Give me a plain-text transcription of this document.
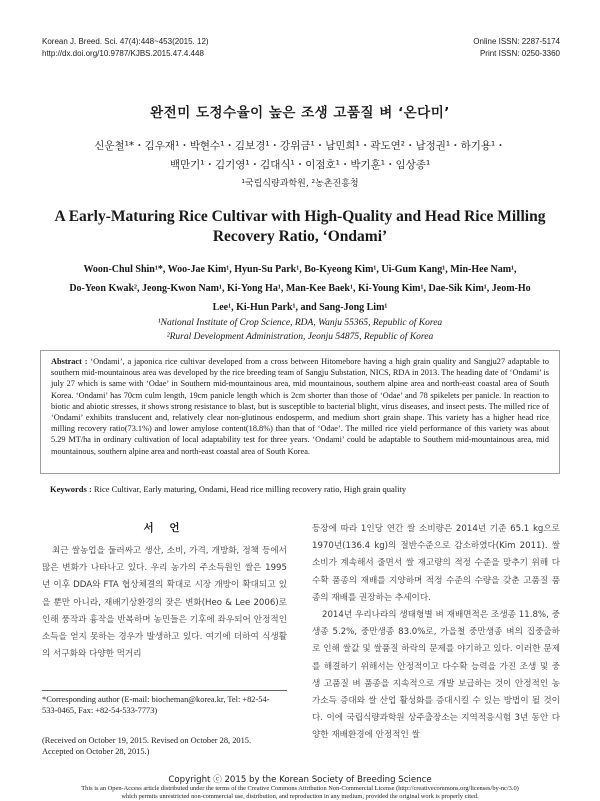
Korean J. Breed. Sci. 47(4):448~453(2015. 12)
http://dx.doi.org/10.9787/KJBS.2015.47.4.448
Online ISSN: 2287-5174
Print ISSN: 0250-3360
완전미 도정수율이 높은 조생 고품질 벼 ‘온다미’
신운철¹*・김우재¹・박현수¹・김보경¹・강위금¹・남민희¹・곽도연²・남정권¹・하기용¹・
백만기¹・김기영¹・김대식¹・이점호¹・박기훈¹・임상종¹
¹국립식량과학원, ²농촌진흥청
A Early-Maturing Rice Cultivar with High-Quality and Head Rice Milling
Recovery Ratio, ‘Ondami’
Woon-Chul Shin¹*, Woo-Jae Kim¹, Hyun-Su Park¹, Bo-Kyeong Kim¹, Ui-Gum Kang¹, Min-Hee Nam¹,
Do-Yeon Kwak², Jeong-Kwon Nam¹, Ki-Yong Ha¹, Man-Kee Baek¹, Ki-Young Kim¹, Dae-Sik Kim¹, Jeom-Ho
Lee¹, Ki-Hun Park¹, and Sang-Jong Lim¹
¹National Institute of Crop Science, RDA, Wanju 55365, Republic of Korea
²Rural Development Administration, Jeonju 54875, Republic of Korea
Abstract : ‘Ondami’, a japonica rice cultivar developed from a cross between Hitomebore having a high grain quality and Sangju27 adaptable to southern mid-mountainous area was developed by the rice breeding team of Sangju Substation, NICS, RDA in 2013. The heading date of ‘Ondami’ is july 27 which is same with ‘Odae’ in Southern mid-mountainous area, mid mountainous, southern alpine area and north-east coastal area of South Korea. ‘Ondami’ has 70cm culm length, 19cm panicle length which is 2cm shorter than those of ‘Odae’ and 78 spikelets per panicle. In reaction to biotic and abiotic stresses, it shows strong resistance to blast, but is susceptible to bacterial blight, virus diseases, and insect pests. The milled rice of ‘Ondami’ exhibits translucent and, relatively clear non-glutinous endosperm, and medium short grain shape. This variety has a higher head rice milling recovery ratio(73.1%) and lower amylose content(18.8%) than that of ‘Odae’. The milled rice yield performance of this variety was about 5.29 MT/ha in ordinary cultivation of local adaptability test for three years. ‘Ondami’ could be adaptable to Southern mid-mountainous area, mid mountainous, southern alpine area and north-east coastal area of South Korea.
Keywords : Rice Cultivar, Early maturing, Ondami, Head rice milling recovery ratio, High grain quality
서 언

최근 쌀농업을 둘러싸고 생산, 소비, 가격, 개방화, 정책 등에서 많은 변화가 나타나고 있다. 우리 농가의 주소득원인 쌀은 1995년 이후 DDA와 FTA 협상체결의 확대로 시장 개방이 확대되고 있을 뿐만 아니라, 재배기상환경의 잦은 변화(Heo & Lee 2006)로 인해 풍작과 흉작을 반복하며 농민들은 기후에 좌우되어 안정적인 소득을 얻지 못하는 경우가 발생하고 있다. 여기에 더하여 식생활의 서구화와 다양한 먹거리

등장에 따라 1인당 연간 쌀 소비량은 2014년 기준 65.1 kg으로 1970년(136.4 kg)의 절반수준으로 감소하였다(Kim 2011). 쌀소비가 계속해서 줄면서 쌀 재고량의 적정 수준을 맞추기 위해 다수확 품종의 재배를 지양하며 적정 수준의 수량을 갖춘 고품질 품종의 재배를 권장하는 추세이다.

2014년 우리나라의 생태형별 벼 재배면적은 조생종 11.8%, 중생종 5.2%, 중만생종 83.0%로, 가을철 중만생종 벼의 집중출하로 인해 쌀값 및 쌀품질 하락의 문제를 야기하고 있다. 이러한 문제를 해결하기 위해서는 안정적이고 다수확 능력을 가진 조생 및 중생 고품질 벼 품종을 지속적으로 개발 보급하는 것이 안정적인 농가소득 증대와 쌀 산업 활성화를 증대시킬 수 있는 방법이 될 것이다. 이에 국립식량과학원 상주출장소는 지역적응시험 3년 동안 다양한 재배환경에 안정적인 쌀

*Corresponding author (E-mail: biocheman@korea.kr, Tel: +82-54-
533-0465, Fax: +82-54-533-7773)
(Received on October 19, 2015. Revised on October 28, 2015.
Accepted on October 28, 2015.)
Copyright ⓒ 2015 by the Korean Society of Breeding Science
This is an Open-Access article distributed under the terms of the Creative Commons Attribution Non-Commercial License (http://creativecommons.org/licenses/by-nc/3.0)
which permits unrestricted non-commercial use, distribution, and reproduction in any medium, provided the original work is properly cited.
